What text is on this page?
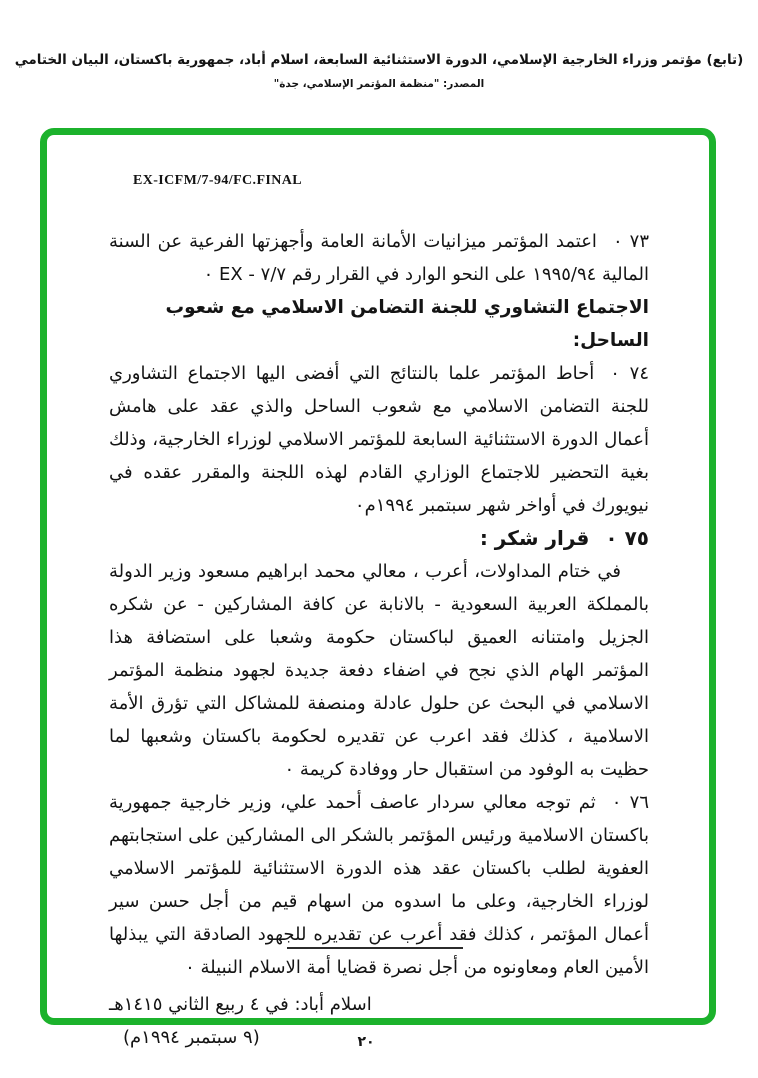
(تابع) مؤتمر وزراء الخارجية الإسلامي، الدورة الاستثنائية السابعة، اسلام أباد، جمهورية باكستان، البيان الختامي
المصدر: "منظمة المؤتمر الإسلامي، جدة"
EX-ICFM/7-94/FC.FINAL

٧٣ ٠اعتمد المؤتمر ميزانيات الأمانة العامة وأجهزتها الفرعية عن السنة المالية ١٩٩٥/٩٤ على النحو الوارد في القرار رقم ٧/٧ - EX ٠

الاجتماع التشاوري للجنة التضامن الاسلامي مع شعوب الساحل:

٧٤ ٠أحاط المؤتمر علما بالنتائج التي أفضى اليها الاجتماع التشاوري للجنة التضامن الاسلامي مع شعوب الساحل والذي عقد على هامش أعمال الدورة الاستثنائية السابعة للمؤتمر الاسلامي لوزراء الخارجية، وذلك بغية التحضير للاجتماع الوزاري القادم لهذه اللجنة والمقرر عقده في نيويورك في أواخر شهر سبتمبر ١٩٩٤م٠

٧٥ ٠قرار شكر :

في ختام المداولات، أعرب ، معالي محمد ابراهيم مسعود وزير الدولة بالمملكة العربية السعودية - بالانابة عن كافة المشاركين - عن شكره الجزيل وامتنانه العميق لباكستان حكومة وشعبا على استضافة هذا المؤتمر الهام الذي نجح في اضفاء دفعة جديدة لجهود منظمة المؤتمر الاسلامي في البحث عن حلول عادلة ومنصفة للمشاكل التي تؤرق الأمة الاسلامية ، كذلك فقد اعرب عن تقديره لحكومة باكستان وشعبها لما حظيت به الوفود من استقبال حار ووفادة كريمة ٠

٧٦ ٠ثم توجه معالي سردار عاصف أحمد علي، وزير خارجية جمهورية باكستان الاسلامية ورئيس المؤتمر بالشكر الى المشاركين على استجابتهم العفوية لطلب باكستان عقد هذه الدورة الاستثنائية للمؤتمر الاسلامي لوزراء الخارجية، وعلى ما اسدوه من اسهام قيم من أجل حسن سير أعمال المؤتمر ، كذلك فقد أعرب عن تقديره للجهود الصادقة التي يبذلها الأمين العام ومعاونوه من أجل نصرة قضايا أمة الاسلام النبيلة ٠

اسلام أباد: في ٤ ربيع الثاني ١٤١٥هـ
(٩ سبتمبر ١٩٩٤م)	٢٠
